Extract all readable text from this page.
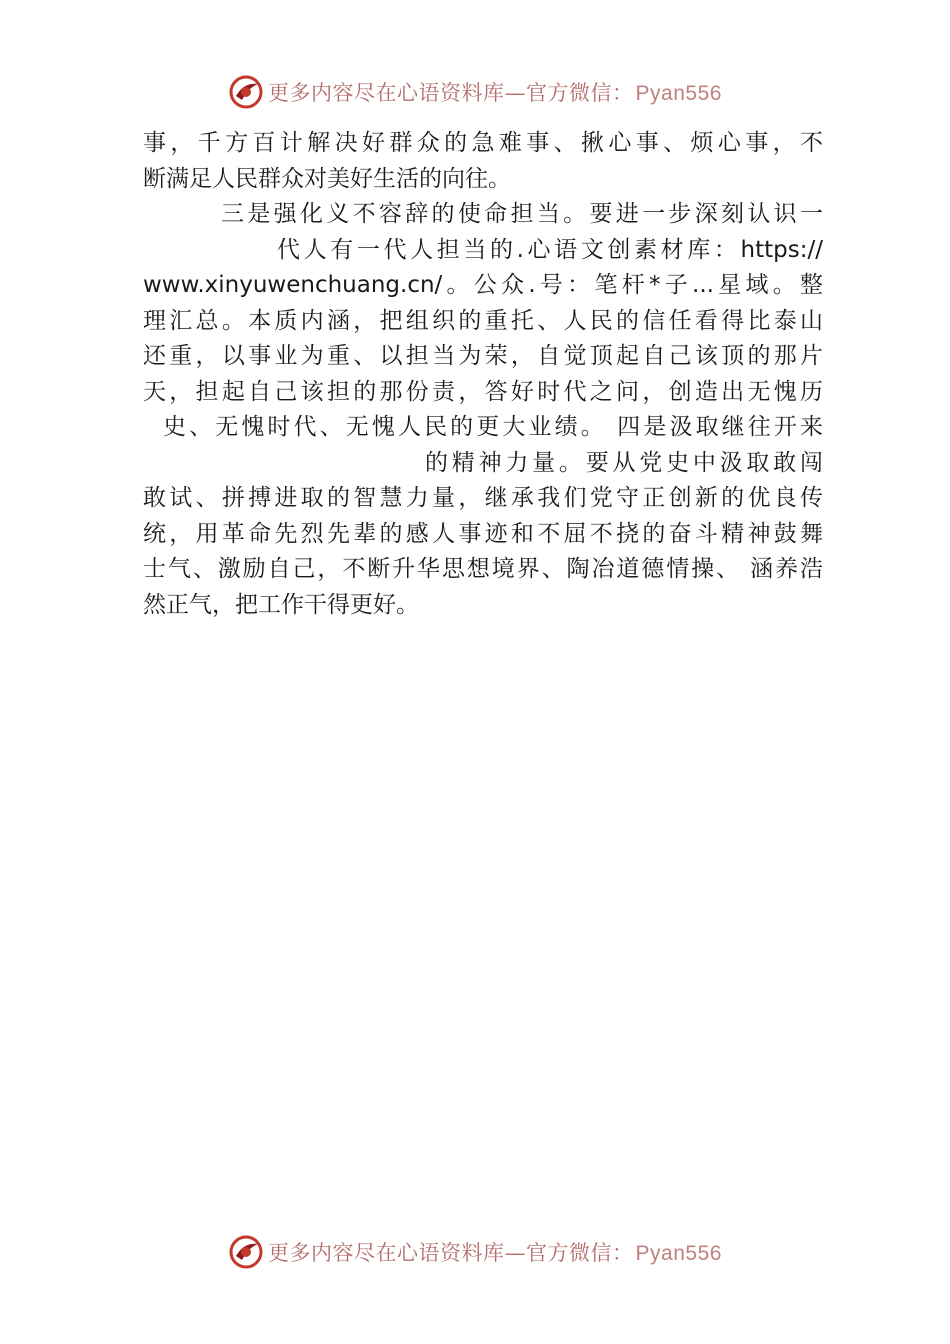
更多内容尽在心语资料库—官方微信：Pyan556
事，千方百计解决好群众的急难事、揪心事、烦心事，不
断满足人民群众对美好生活的向往。
三是强化义不容辞的使命担当。要进一步深刻认识一
代人有一代人担当的.心语文创素材库：https://
www.xinyuwenchuang.cn/。公众.号：笔杆*子...星域。整
理汇总。本质内涵，把组织的重托、人民的信任看得比泰山
还重，以事业为重、以担当为荣，自觉顶起自己该顶的那片
天，担起自己该担的那份责，答好时代之问，创造出无愧历
史、无愧时代、无愧人民的更大业绩。 四是汲取继往开来
的精神力量。要从党史中汲取敢闯
敢试、拼搏进取的智慧力量，继承我们党守正创新的优良传
统，用革命先烈先辈的感人事迹和不屈不挠的奋斗精神鼓舞
士气、激励自己，不断升华思想境界、陶冶道德情操、 涵养浩
然正气，把工作干得更好。
更多内容尽在心语资料库—官方微信：Pyan556
